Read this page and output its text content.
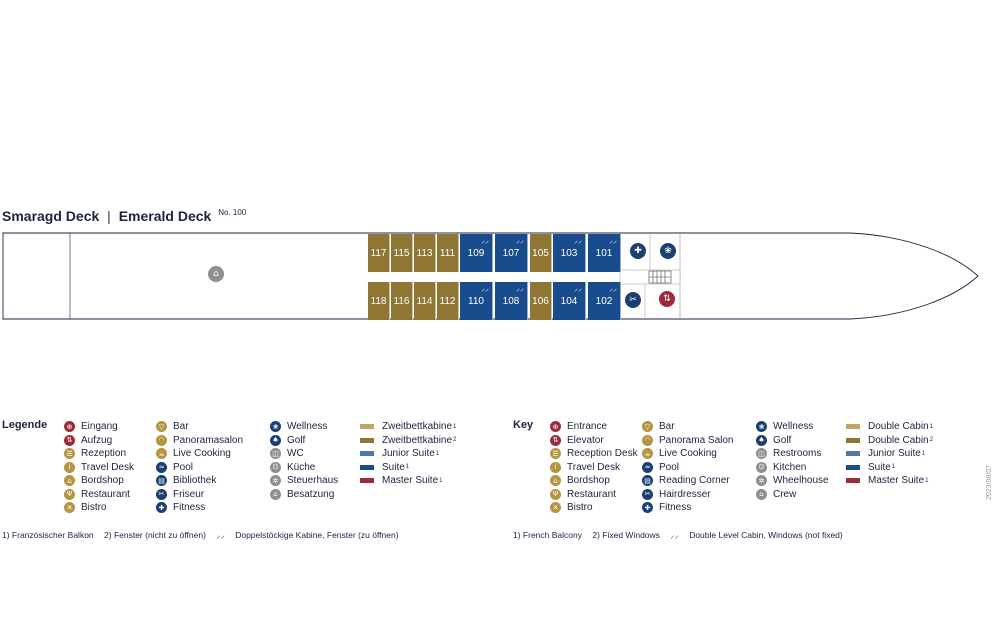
Smaragd Deck | Emerald Deck $^{No. 100}$
117 115 113 111 109
⸝⸝
107
⸝⸝
105 103
⸝⸝
101
⸝⸝
118 116 114 112 110
⸝⸝
108
⸝⸝
106 104
⸝⸝
102
⸝⸝
⌂
✚	❀
✂	⇅
Legende	⊕ Eingang
⇅ Aufzug
☰ Rezeption
i	Travel Desk
⌂ Bordshop
Ψ Restaurant
✕ Bistro
▽ Bar
◠ Panoramasalon
☕ Live Cooking
≈ Pool
▤ Bibliothek
✂ Friseur
✚ Fitness
❀ Wellness
♠ Golf
◫ WC
⌬ Küche
✲ Steuerhaus
⌂ Besatzung
Zweitbettkabine 1
Zweitbettkabine 2
Junior Suite 1
Suite 1
Master Suite 1
Key	⊕ Entrance
⇅ Elevator
☰ Reception Desk
i	Travel Desk
⌂ Bordshop
Ψ Restaurant
✕ Bistro
▽ Bar
◠ Panorama Salon
☕ Live Cooking
≈ Pool
▤ Reading Corner
✂ Hairdresser
✚ Fitness
❀ Wellness
♠ Golf
◫ Restrooms
⌬ Kitchen
✲ Wheelhouse
⌂ Crew
Double Cabin 1
Double Cabin 2
Junior Suite 1
Suite 1
Master Suite 1
1) Französischer Balkon 2) Fenster (nicht zu öffnen) ⸝⸝ Doppelstöckige Kabine, Fenster (zu öffnen)	1) French Balcony 2) Fixed Windows ⸝⸝ Double Level Cabin, Windows (not fixed)
2023/08/07
